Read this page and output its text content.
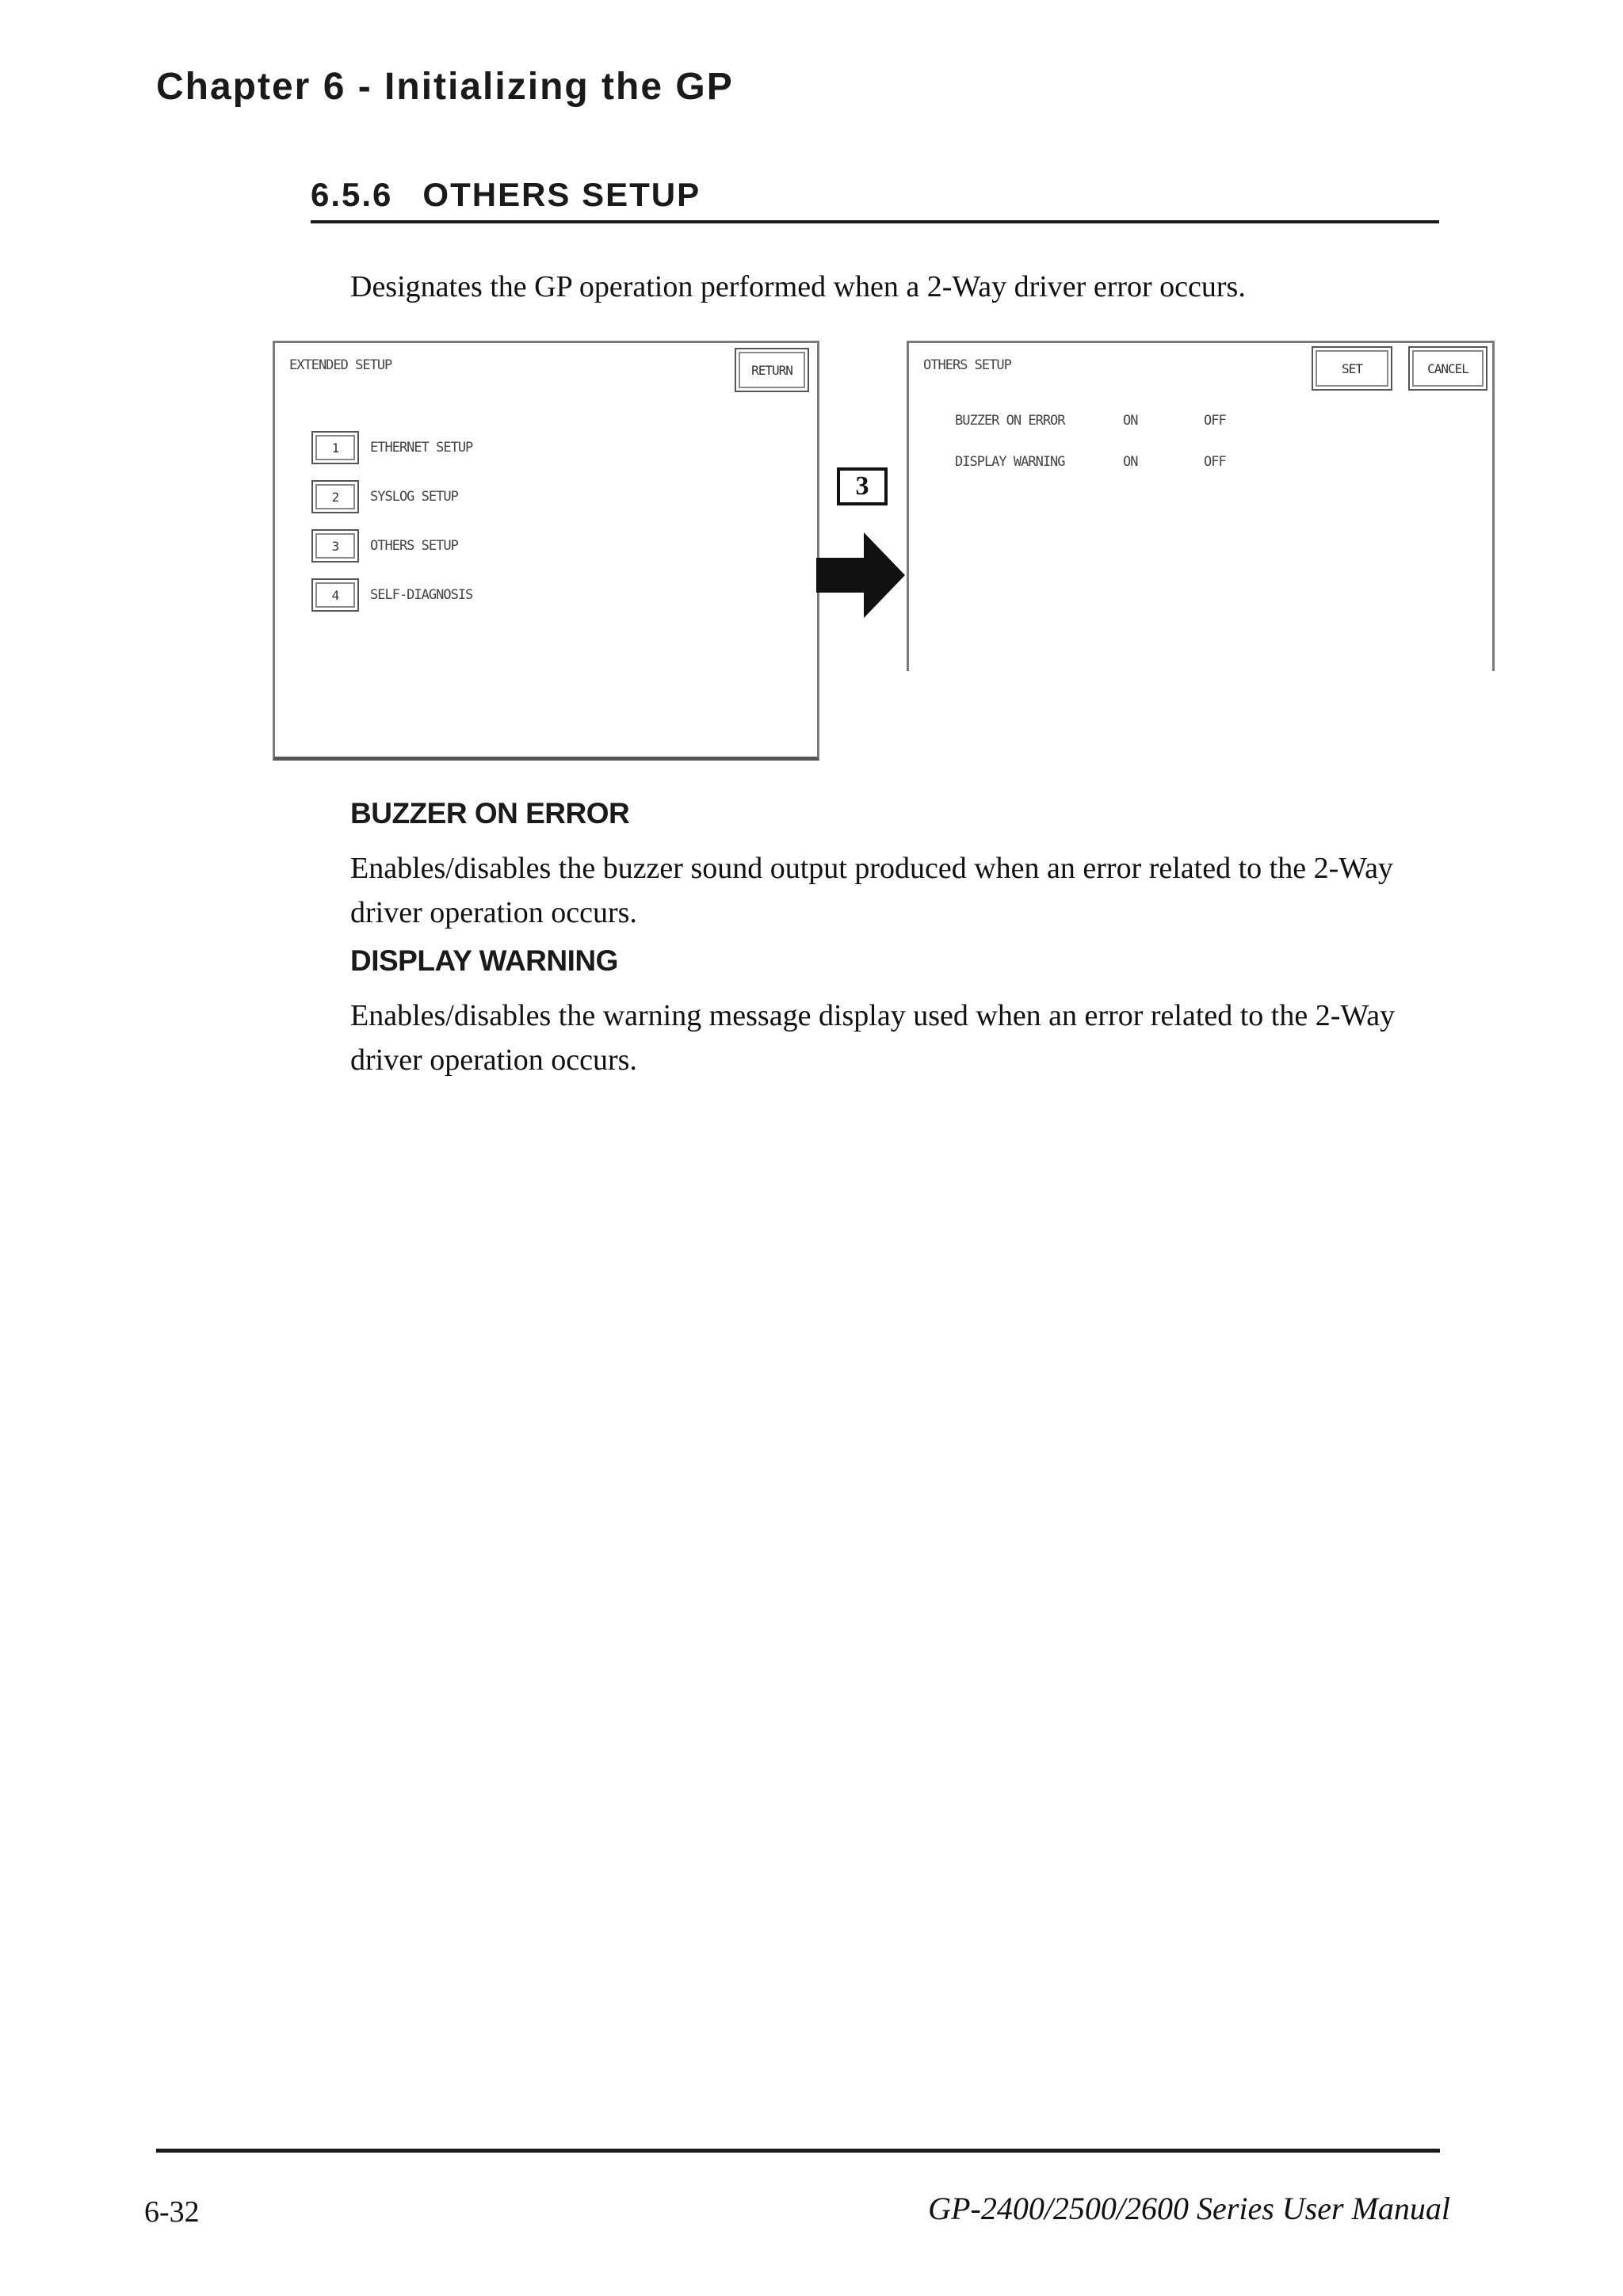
Chapter 6 - Initializing the GP
6.5.6 OTHERS SETUP
Designates the GP operation performed when a 2-Way driver error occurs.
EXTENDED SETUP	RETURN
1	ETHERNET SETUP
2	SYSLOG SETUP
3	OTHERS SETUP
4	SELF-DIAGNOSIS
3
OTHERS SETUP	SET	CANCEL
BUZZER ON ERROR	ON	OFF
DISPLAY WARNING	ON	OFF
BUZZER ON ERROR
Enables/disables the buzzer sound output produced when an error related to the 2-Way driver operation occurs.
DISPLAY WARNING
Enables/disables the warning message display used when an error related to the 2-Way driver operation occurs.
6-32	GP-2400/2500/2600 Series User Manual
